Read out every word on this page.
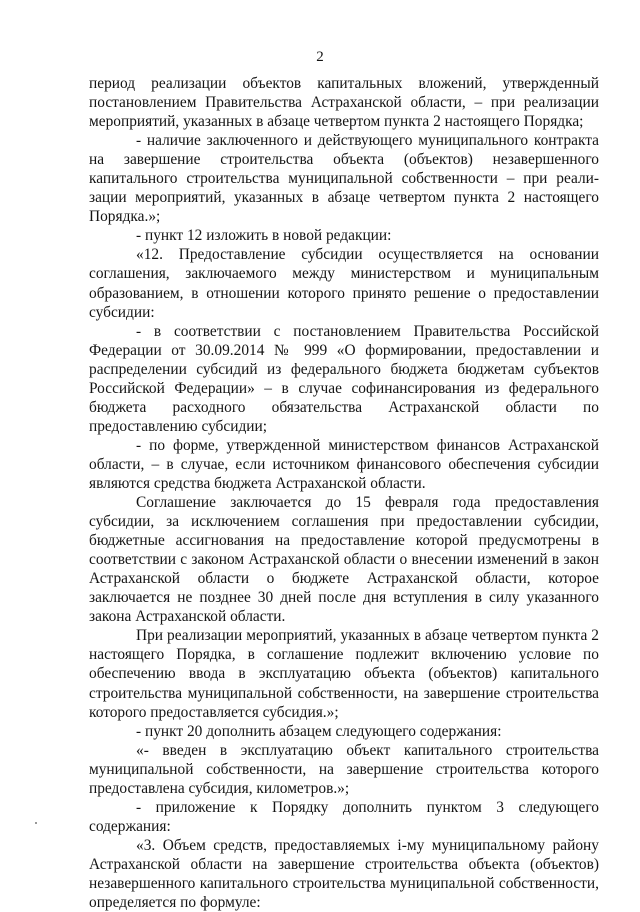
2

период реализации объектов капитальных вложений, утвержденный постановлением Правительства Астраханской области, – при реализации мероприятий, указанных в абзаце четвертом пункта 2 настоящего Порядка;

- наличие заключенного и действующего муниципального контракта на завершение строительства объекта (объектов) незавершенного капитального строительства муниципальной собственности – при реализации мероприятий, указанных в абзаце четвертом пункта 2 настоящего Порядка.»;

- пункт 12 изложить в новой редакции:

«12. Предоставление субсидии осуществляется на основании соглашения, заключаемого между министерством и муниципальным образованием, в отношении которого принято решение о предоставлении субсидии:

- в соответствии с постановлением Правительства Российской Федерации от 30.09.2014 № 999 «О формировании, предоставлении и распределении субсидий из федерального бюджета бюджетам субъектов Российской Федерации» – в случае софинансирования из федерального бюджета расходного обязательства Астраханской области по предоставлению субсидии;

- по форме, утвержденной министерством финансов Астраханской области, – в случае, если источником финансового обеспечения субсидии являются средства бюджета Астраханской области.

Соглашение заключается до 15 февраля года предоставления субсидии, за исключением соглашения при предоставлении субсидии, бюджетные ассигнования на предоставление которой предусмотрены в соответствии с законом Астраханской области о внесении изменений в закон Астраханской области о бюджете Астраханской области, которое заключается не позднее 30 дней после дня вступления в силу указанного закона Астраханской области.

При реализации мероприятий, указанных в абзаце четвертом пункта 2 настоящего Порядка, в соглашение подлежит включению условие по обеспечению ввода в эксплуатацию объекта (объектов) капитального строительства муниципальной собственности, на завершение строительства которого предоставляется субсидия.»;

- пункт 20 дополнить абзацем следующего содержания:

«- введен в эксплуатацию объект капитального строительства муниципальной собственности, на завершение строительства которого предоставлена субсидия, километров.»;

- приложение к Порядку дополнить пунктом 3 следующего содержания:

«3. Объем средств, предоставляемых i-му муниципальному району Астраханской области на завершение строительства объекта (объектов) незавершенного капитального строительства муниципальной собственности, определяется по формуле:
